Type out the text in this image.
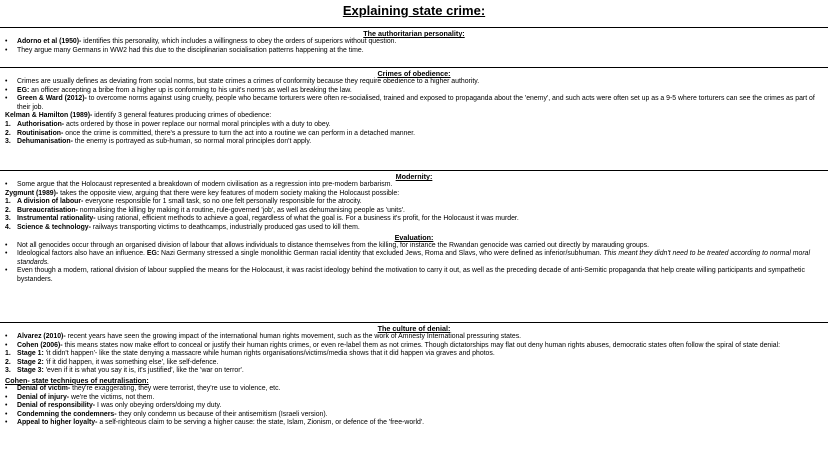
Explaining state crime:
The authoritarian personality:
• Adorno et al (1950)- identifies this personality, which includes a willingness to obey the orders of superiors without question.
• They argue many Germans in WW2 had this due to the disciplinarian socialisation patterns happening at the time.
Crimes of obedience:
• Crimes are usually defines as deviating from social norms, but state crimes a crimes of conformity because they require obedience to a higher authority.
• EG: an officer accepting a bribe from a higher up is conforming to his unit's norms as well as breaking the law.
• Green & Ward (2012)- to overcome norms against using cruelty, people who became torturers were often re-socialised, trained and exposed to propaganda about the 'enemy', and such acts were often set up as a 9-5 where torturers can see the crimes as part of their job.

Kelman & Hamilton (1989)- identify 3 general features producing crimes of obedience:

1. Authorisation- acts ordered by those in power replace our normal moral principles with a duty to obey.
2. Routinisation- once the crime is committed, there's a pressure to turn the act into a routine we can perform in a detached manner.
3. Dehumanisation- the enemy is portrayed as sub-human, so normal moral principles don't apply.
Modernity:
• Some argue that the Holocaust represented a breakdown of modern civilisation as a regression into pre-modern barbarism.

Zygmunt (1989)- takes the opposite view, arguing that there were key features of modern society making the Holocaust possible:

1. A division of labour- everyone responsible for 1 small task, so no one felt personally responsible for the atrocity.
2. Bureaucratisation- normalising the killing by making it a routine, rule-governed 'job', as well as dehumanising people as 'units'.
3. Instrumental rationality- using rational, efficient methods to achieve a goal, regardless of what the goal is. For a business it's profit, for the Holocaust it was murder.
4. Science & technology- railways transporting victims to deathcamps, industrially produced gas used to kill them.
Evaluation:
• Not all genocides occur through an organised division of labour that allows individuals to distance themselves from the killing, for instance the Rwandan genocide was carried out directly by marauding groups.
• Ideological factors also have an influence. EG: Nazi Germany stressed a single monolithic German racial identity that excluded Jews, Roma and Slavs, who were defined as inferior/subhuman. This meant they didn't need to be treated according to normal moral standards.
• Even though a modern, rational division of labour supplied the means for the Holocaust, it was racist ideology behind the motivation to carry it out, as well as the preceding decade of anti-Semitic propaganda that help create willing participants and sympathetic bystanders.
The culture of denial:
• Alvarez (2010)- recent years have seen the growing impact of the international human rights movement, such as the work of Amnesty International pressuring states.
• Cohen (2006)- this means states now make effort to conceal or justify their human rights crimes, or even re-label them as not crimes. Though dictatorships may flat out deny human rights abuses, democratic states often follow the spiral of state denial:
1. Stage 1: 'it didn't happen'- like the state denying a massacre while human rights organisations/victims/media shows that it did happen via graves and photos.
2. Stage 2: 'if it did happen, it was something else', like self-defence.
3. Stage 3: 'even if it is what you say it is, it's justified', like the 'war on terror'.
Cohen- state techniques of neutralisation:
• Denial of victim- they're exaggerating, they were terrorist, they're use to violence, etc.
• Denial of injury- we're the victims, not them.
• Denial of responsibility- I was only obeying orders/doing my duty.
• Condemning the condemners- they only condemn us because of their antisemitism (Israeli version).
• Appeal to higher loyalty- a self-righteous claim to be serving a higher cause: the state, Islam, Zionism, or defence of the 'free-world'.
